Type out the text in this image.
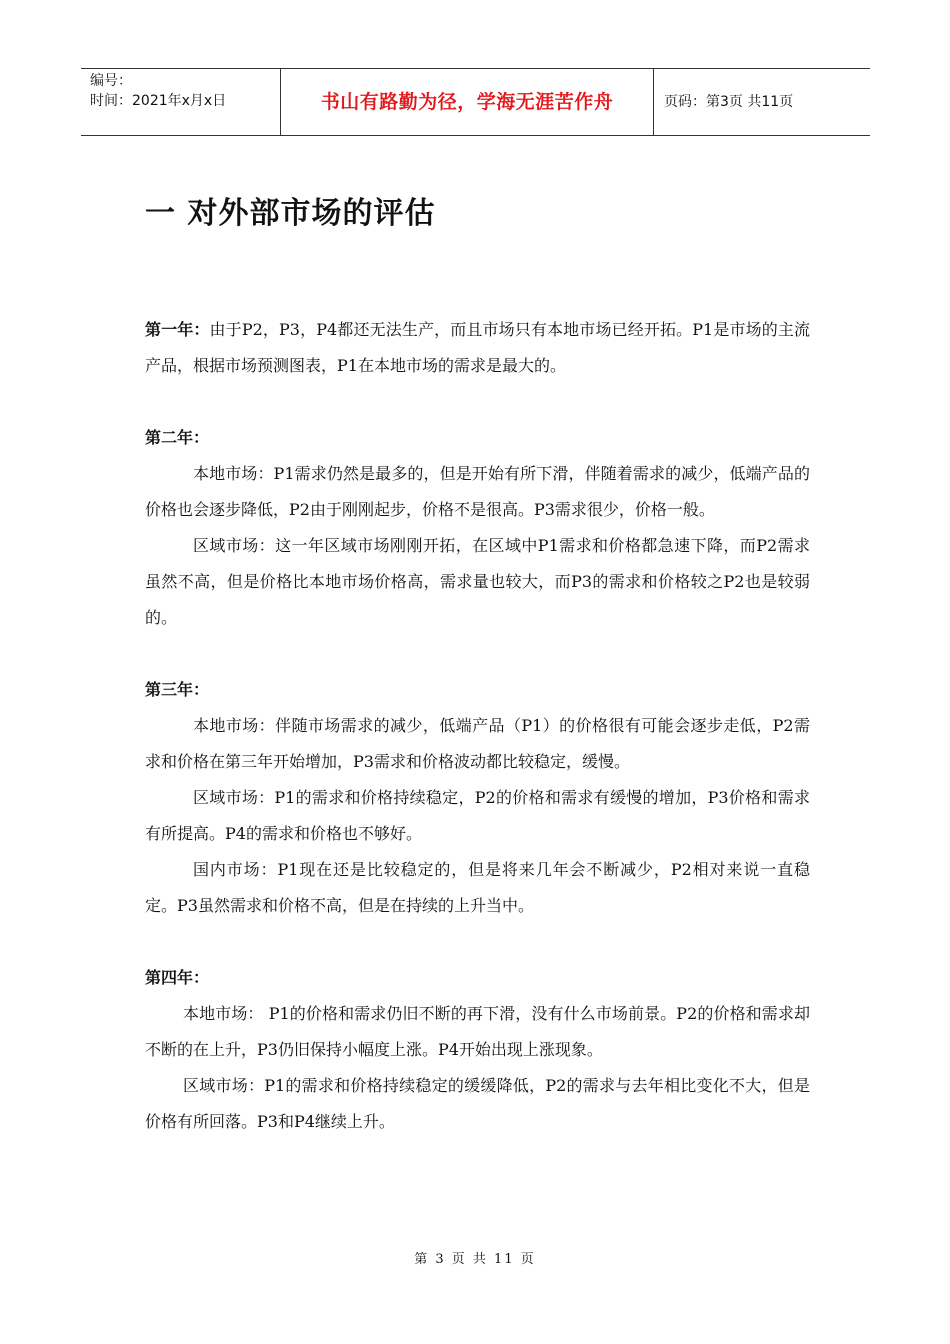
编号：
时间：2021年x月x日	书山有路勤为径，学海无涯苦作舟	页码：第3页 共11页
一 对外部市场的评估

第一年：由于P2，P3，P4都还无法生产，而且市场只有本地市场已经开拓。P1是市场的主流产品，根据市场预测图表，P1在本地市场的需求是最大的。

第二年：

本地市场：P1需求仍然是最多的，但是开始有所下滑，伴随着需求的减少，低端产品的价格也会逐步降低，P2由于刚刚起步，价格不是很高。P3需求很少，价格一般。

区域市场：这一年区域市场刚刚开拓，在区域中P1需求和价格都急速下降，而P2需求虽然不高，但是价格比本地市场价格高，需求量也较大，而P3的需求和价格较之P2也是较弱的。

第三年：

本地市场：伴随市场需求的减少，低端产品（P1）的价格很有可能会逐步走低，P2需求和价格在第三年开始增加，P3需求和价格波动都比较稳定，缓慢。

区域市场：P1的需求和价格持续稳定，P2的价格和需求有缓慢的增加，P3价格和需求有所提高。P4的需求和价格也不够好。

国内市场：P1现在还是比较稳定的，但是将来几年会不断减少，P2相对来说一直稳定。P3虽然需求和价格不高，但是在持续的上升当中。

第四年：

本地市场： P1的价格和需求仍旧不断的再下滑，没有什么市场前景。P2的价格和需求却不断的在上升，P3仍旧保持小幅度上涨。P4开始出现上涨现象。

区域市场：P1的需求和价格持续稳定的缓缓降低，P2的需求与去年相比变化不大，但是价格有所回落。P3和P4继续上升。

第 3 页 共 11 页
